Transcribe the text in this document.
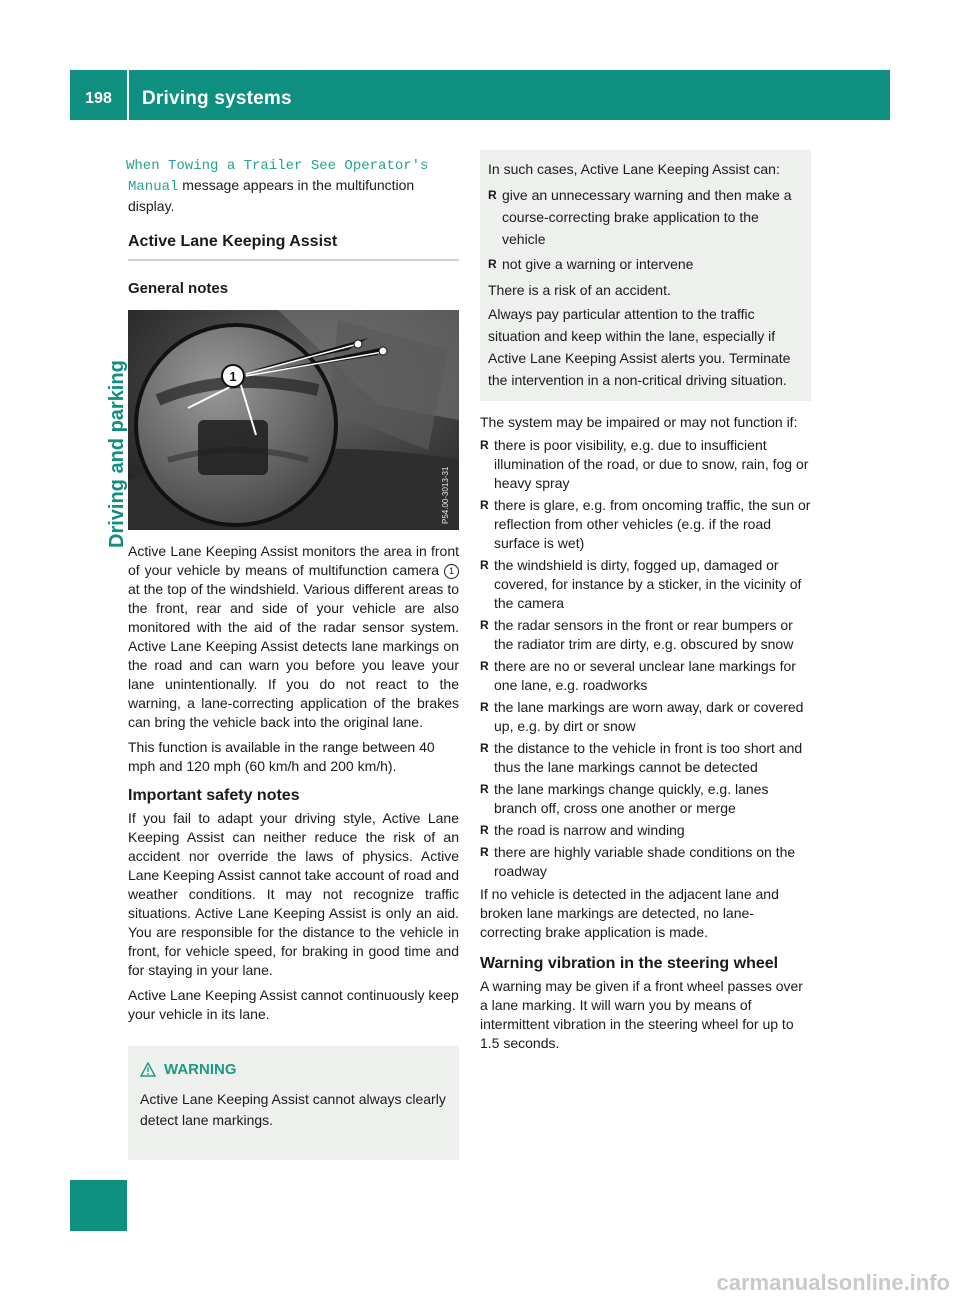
198	Driving systems
Driving and parking
When Towing a Trailer See Operator's
Manual message appears in the multifunction
display.
Active Lane Keeping Assist
General notes
1
P54.00-3013-31

Active Lane Keeping Assist monitors the area in front of your vehicle by means of multifunction camera 1 at the top of the windshield. Various different areas to the front, rear and side of your vehicle are also monitored with the aid of the radar sensor system. Active Lane Keeping Assist detects lane markings on the road and can warn you before you leave your lane unintentionally. If you do not react to the warning, a lane-correcting application of the brakes can bring the vehicle back into the original lane.

This function is available in the range between 40 mph and 120 mph (60 km/h and 200 km/h).

Important safety notes

If you fail to adapt your driving style, Active Lane Keeping Assist can neither reduce the risk of an accident nor override the laws of physics. Active Lane Keeping Assist cannot take account of road and weather conditions. It may not recognize traffic situations. Active Lane Keeping Assist is only an aid. You are responsible for the distance to the vehicle in front, for vehicle speed, for braking in good time and for staying in your lane.

Active Lane Keeping Assist cannot continuously keep your vehicle in its lane.

WARNING

Active Lane Keeping Assist cannot always clearly detect lane markings.

In such cases, Active Lane Keeping Assist can:

R give an unnecessary warning and then make a course-correcting brake application to the vehicle
R not give a warning or intervene

There is a risk of an accident.

Always pay particular attention to the traffic situation and keep within the lane, especially if Active Lane Keeping Assist alerts you. Terminate the intervention in a non-critical driving situation.

The system may be impaired or may not function if:

R there is poor visibility, e.g. due to insufficient illumination of the road, or due to snow, rain, fog or heavy spray
R there is glare, e.g. from oncoming traffic, the sun or reflection from other vehicles (e.g. if the road surface is wet)
R the windshield is dirty, fogged up, damaged or covered, for instance by a sticker, in the vicinity of the camera
R the radar sensors in the front or rear bumpers or the radiator trim are dirty, e.g. obscured by snow
R there are no or several unclear lane markings for one lane, e.g. roadworks
R the lane markings are worn away, dark or covered up, e.g. by dirt or snow
R the distance to the vehicle in front is too short and thus the lane markings cannot be detected
R the lane markings change quickly, e.g. lanes branch off, cross one another or merge
R the road is narrow and winding
R there are highly variable shade conditions on the roadway

If no vehicle is detected in the adjacent lane and broken lane markings are detected, no lane-correcting brake application is made.

Warning vibration in the steering wheel

A warning may be given if a front wheel passes over a lane marking. It will warn you by means of intermittent vibration in the steering wheel for up to 1.5 seconds.

carmanualsonline.info
